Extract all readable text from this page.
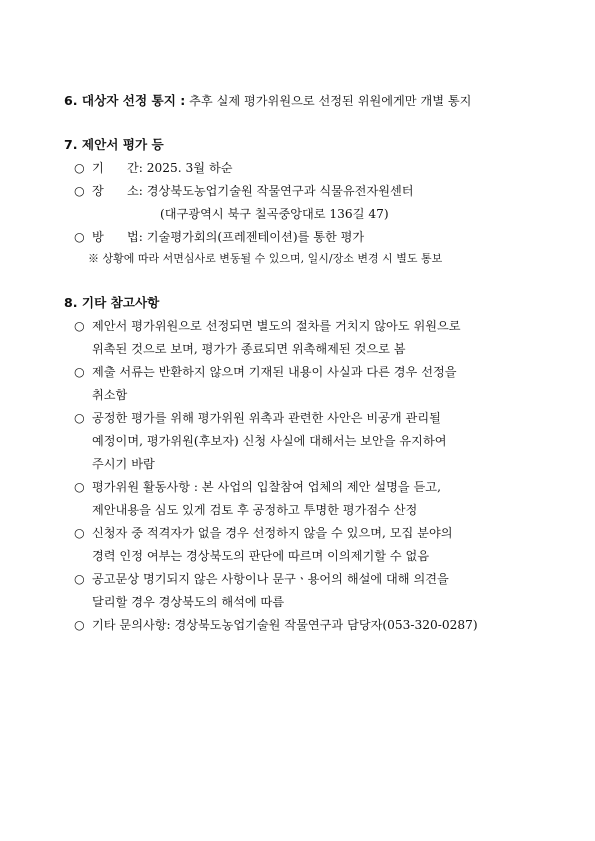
6. 대상자 선정 통지 : 추후 실제 평가위원으로 선정된 위원에게만 개별 통지
7. 제안서 평가 등
○ 기      간: 2025. 3월 하순
○ 장      소: 경상북도농업기술원 작물연구과 식물유전자원센터
(대구광역시 북구 칠곡중앙대로 136길 47)
○ 방      법: 기술평가회의(프레젠테이션)를 통한 평가
※ 상황에 따라 서면심사로 변동될 수 있으며, 일시/장소 변경 시 별도 통보
8. 기타 참고사항
○ 제안서 평가위원으로 선정되면 별도의 절차를 거치지 않아도 위원으로
위촉된 것으로 보며, 평가가 종료되면 위촉해제된 것으로 봄
○ 제출 서류는 반환하지 않으며 기재된 내용이 사실과 다른 경우 선정을
취소함
○ 공정한 평가를 위해 평가위원 위촉과 관련한 사안은 비공개 관리될
예정이며, 평가위원(후보자) 신청 사실에 대해서는 보안을 유지하여
주시기 바람
○ 평가위원 활동사항 : 본 사업의 입찰참여 업체의 제안 설명을 듣고,
제안내용을 심도 있게 검토 후 공정하고 투명한 평가점수 산정
○ 신청자 중 적격자가 없을 경우 선정하지 않을 수 있으며, 모집 분야의
경력 인정 여부는 경상북도의 판단에 따르며 이의제기할 수 없음
○ 공고문상 명기되지 않은 사항이나 문구ㆍ용어의 해설에 대해 의견을
달리할 경우 경상북도의 해석에 따름
○ 기타 문의사항: 경상북도농업기술원 작물연구과 담당자(053-320-0287)
